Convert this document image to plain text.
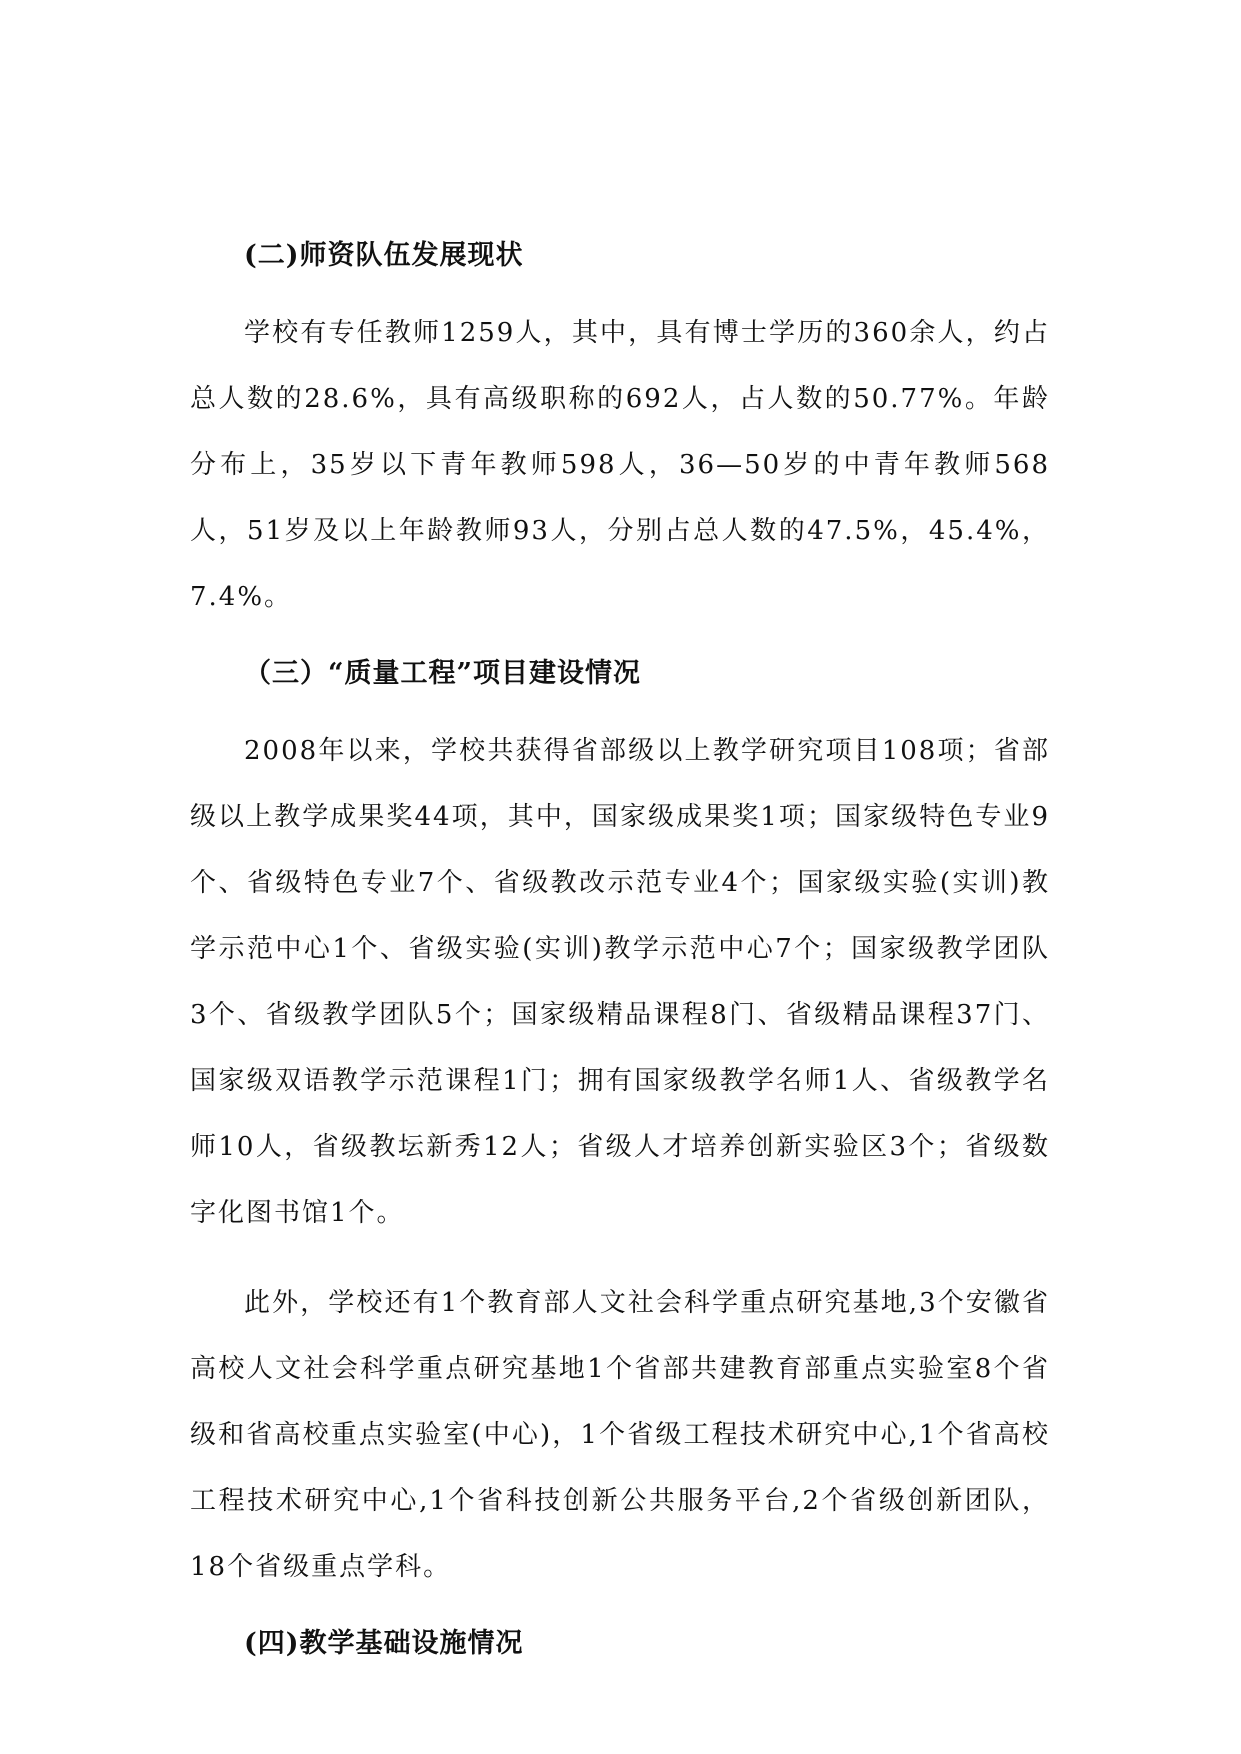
(二)师资队伍发展现状

学校有专任教师1259人，其中，具有博士学历的360余人，约占总人数的28.6%，具有高级职称的692人，占人数的50.77%。年龄分布上，35岁以下青年教师598人，36—50岁的中青年教师568人，51岁及以上年龄教师93人，分别占总人数的47.5%，45.4%，7.4%。

（三）“质量工程”项目建设情况

2008年以来，学校共获得省部级以上教学研究项目108项；省部级以上教学成果奖44项，其中，国家级成果奖1项；国家级特色专业9个、省级特色专业7个、省级教改示范专业4个；国家级实验(实训)教学示范中心1个、省级实验(实训)教学示范中心7个；国家级教学团队3个、省级教学团队5个；国家级精品课程8门、省级精品课程37门、国家级双语教学示范课程1门；拥有国家级教学名师1人、省级教学名师10人，省级教坛新秀12人；省级人才培养创新实验区3个；省级数字化图书馆1个。

此外，学校还有1个教育部人文社会科学重点研究基地,3个安徽省高校人文社会科学重点研究基地1个省部共建教育部重点实验室8个省级和省高校重点实验室(中心)，1个省级工程技术研究中心,1个省高校工程技术研究中心,1个省科技创新公共服务平台,2个省级创新团队，18个省级重点学科。

(四)教学基础设施情况
